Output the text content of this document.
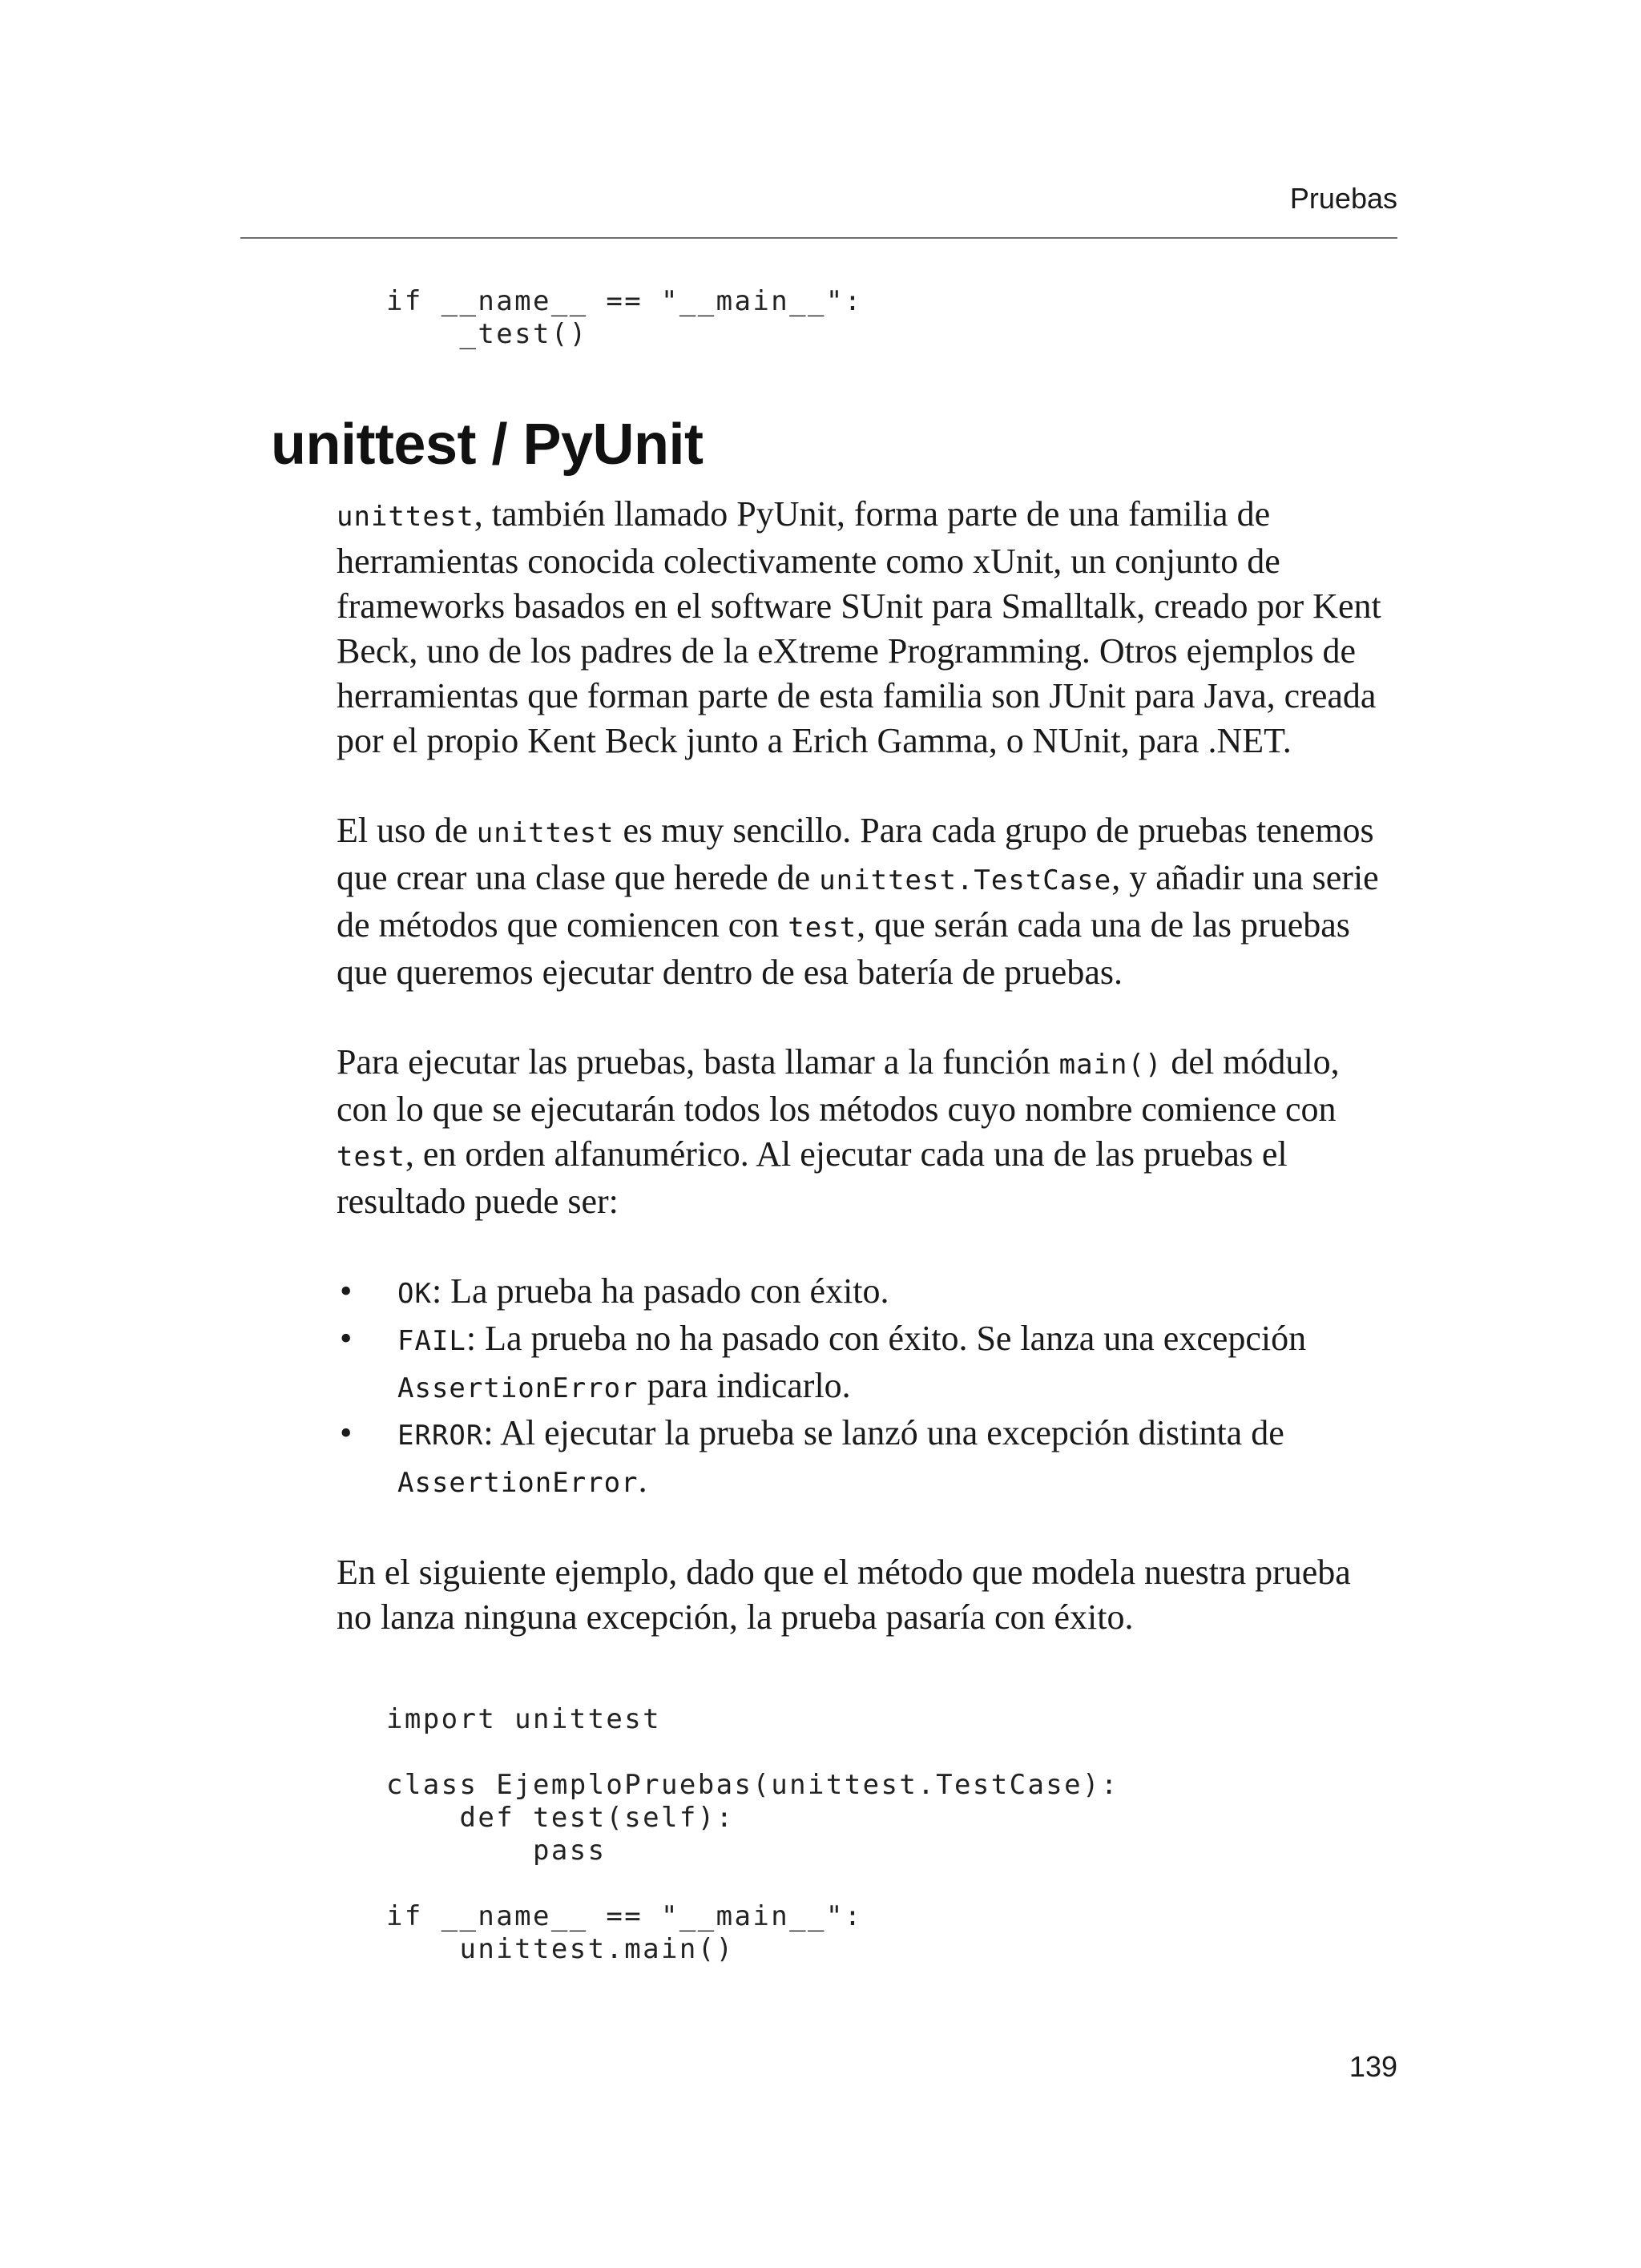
Pruebas
if __name__ == "__main__":
_test()
unittest / PyUnit

unittest, también llamado PyUnit, forma parte de una familia de herramientas conocida colectivamente como xUnit, un conjunto de frameworks basados en el software SUnit para Smalltalk, creado por Kent Beck, uno de los padres de la eXtreme Programming. Otros ejemplos de herramientas que forman parte de esta familia son JUnit para Java, creada por el propio Kent Beck junto a Erich Gamma, o NUnit, para .NET.

El uso de unittest es muy sencillo. Para cada grupo de pruebas tenemos que crear una clase que herede de unittest.TestCase, y añadir una serie de métodos que comiencen con test, que serán cada una de las pruebas que queremos ejecutar dentro de esa batería de pruebas.

Para ejecutar las pruebas, basta llamar a la función main() del módulo, con lo que se ejecutarán todos los métodos cuyo nombre comience con test, en orden alfanumérico. Al ejecutar cada una de las pruebas el resultado puede ser:

• OK: La prueba ha pasado con éxito.
• FAIL: La prueba no ha pasado con éxito. Se lanza una excepción AssertionError para indicarlo.
• ERROR: Al ejecutar la prueba se lanzó una excepción distinta de AssertionError.

En el siguiente ejemplo, dado que el método que modela nuestra prueba no lanza ninguna excepción, la prueba pasaría con éxito.

import unittest

class EjemploPruebas(unittest.TestCase):
def test(self):
pass

if __name__ == "__main__":
unittest.main()
139
